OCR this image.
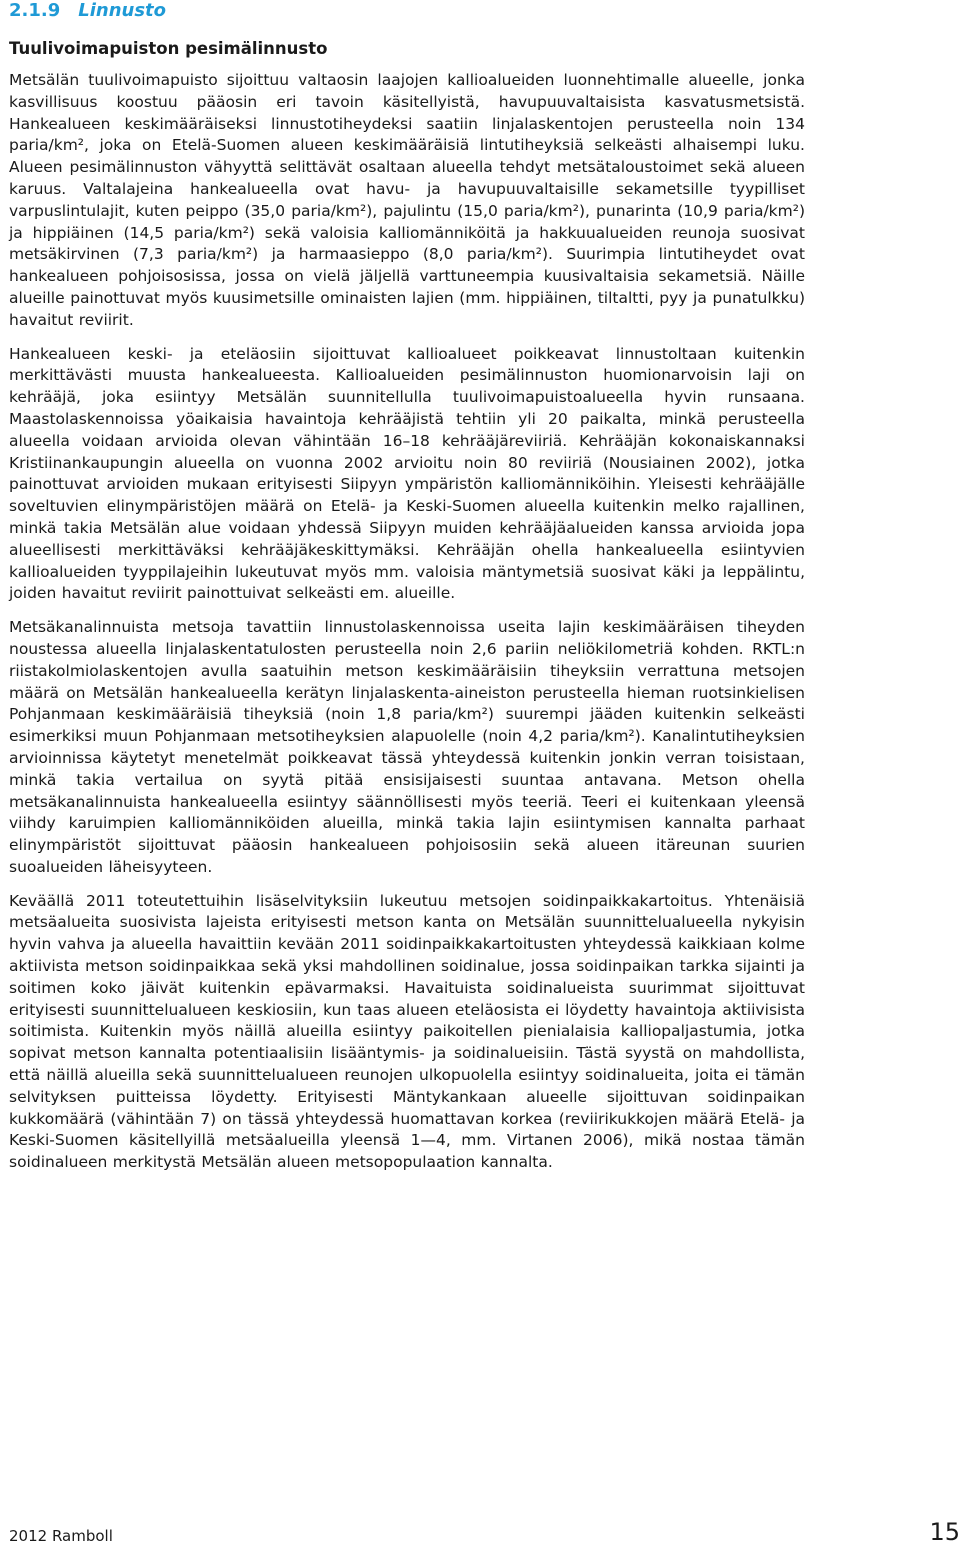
2.1.9 Linnusto
Tuulivoimapuiston pesimälinnusto

Metsälän tuulivoimapuisto sijoittuu valtaosin laajojen kallioalueiden luonnehtimalle alueelle, jonka kasvillisuus koostuu pääosin eri tavoin käsitellyistä, havupuuvaltaisista kasvatusmetsistä. Hankealueen keskimääräiseksi linnustotiheydeksi saatiin linjalaskentojen perusteella noin 134 paria/km², joka on Etelä-Suomen alueen keskimääräisiä lintutiheyksiä selkeästi alhaisempi luku. Alueen pesimälinnuston vähyyttä selittävät osaltaan alueella tehdyt metsätaloustoimet sekä alueen karuus. Valtalajeina hankealueella ovat havu- ja havupuuvaltaisille sekametsille tyypilliset varpuslintulajit, kuten peippo (35,0 paria/km²), pajulintu (15,0 paria/km²), punarinta (10,9 paria/km²) ja hippiäinen (14,5 paria/km²) sekä valoisia kalliomänniköitä ja hakkuualueiden reunoja suosivat metsäkirvinen (7,3 paria/km²) ja harmaasieppo (8,0 paria/km²). Suurimpia lintutiheydet ovat hankealueen pohjoisosissa, jossa on vielä jäljellä varttuneempia kuusivaltaisia sekametsiä. Näille alueille painottuvat myös kuusimetsille ominaisten lajien (mm. hippiäinen, tiltaltti, pyy ja punatulkku) havaitut reviirit.

Hankealueen keski- ja eteläosiin sijoittuvat kallioalueet poikkeavat linnustoltaan kuitenkin merkittävästi muusta hankealueesta. Kallioalueiden pesimälinnuston huomionarvoisin laji on kehrääjä, joka esiintyy Metsälän suunnitellulla tuulivoimapuistoalueella hyvin runsaana. Maastolaskennoissa yöaikaisia havaintoja kehrääjistä tehtiin yli 20 paikalta, minkä perusteella alueella voidaan arvioida olevan vähintään 16–18 kehrääjäreviiriä. Kehrääjän kokonaiskannaksi Kristiinankaupungin alueella on vuonna 2002 arvioitu noin 80 reviiriä (Nousiainen 2002), jotka painottuvat arvioiden mukaan erityisesti Siipyyn ympäristön kalliomänniköihin. Yleisesti kehrääjälle soveltuvien elinympäristöjen määrä on Etelä- ja Keski-Suomen alueella kuitenkin melko rajallinen, minkä takia Metsälän alue voidaan yhdessä Siipyyn muiden kehrääjäalueiden kanssa arvioida jopa alueellisesti merkittäväksi kehrääjäkeskittymäksi. Kehrääjän ohella hankealueella esiintyvien kallioalueiden tyyppilajeihin lukeutuvat myös mm. valoisia mäntymetsiä suosivat käki ja leppälintu, joiden havaitut reviirit painottuivat selkeästi em. alueille.

Metsäkanalinnuista metsoja tavattiin linnustolaskennoissa useita lajin keskimääräisen tiheyden noustessa alueella linjalaskentatulosten perusteella noin 2,6 pariin neliökilometriä kohden. RKTL:n riistakolmiolaskentojen avulla saatuihin metson keskimääräisiin tiheyksiin verrattuna metsojen määrä on Metsälän hankealueella kerätyn linjalaskenta-aineiston perusteella hieman ruotsinkielisen Pohjanmaan keskimääräisiä tiheyksiä (noin 1,8 paria/km²) suurempi jääden kuitenkin selkeästi esimerkiksi muun Pohjanmaan metsotiheyksien alapuolelle (noin 4,2 paria/km²). Kanalintutiheyksien arvioinnissa käytetyt menetelmät poikkeavat tässä yhteydessä kuitenkin jonkin verran toisistaan, minkä takia vertailua on syytä pitää ensisijaisesti suuntaa antavana. Metson ohella metsäkanalinnuista hankealueella esiintyy säännöllisesti myös teeriä. Teeri ei kuitenkaan yleensä viihdy karuimpien kalliomänniköiden alueilla, minkä takia lajin esiintymisen kannalta parhaat elinympäristöt sijoittuvat pääosin hankealueen pohjoisosiin sekä alueen itäreunan suurien suoalueiden läheisyyteen.

Keväällä 2011 toteutettuihin lisäselvityksiin lukeutuu metsojen soidinpaikkakartoitus. Yhtenäisiä metsäalueita suosivista lajeista erityisesti metson kanta on Metsälän suunnittelualueella nykyisin hyvin vahva ja alueella havaittiin kevään 2011 soidinpaikkakartoitusten yhteydessä kaikkiaan kolme aktiivista metson soidinpaikkaa sekä yksi mahdollinen soidinalue, jossa soidinpaikan tarkka sijainti ja soitimen koko jäivät kuitenkin epävarmaksi. Havaituista soidinalueista suurimmat sijoittuvat erityisesti suunnittelualueen keskiosiin, kun taas alueen eteläosista ei löydetty havaintoja aktiivisista soitimista. Kuitenkin myös näillä alueilla esiintyy paikoitellen pienialaisia kalliopaljastumia, jotka sopivat metson kannalta potentiaalisiin lisääntymis- ja soidinalueisiin. Tästä syystä on mahdollista, että näillä alueilla sekä suunnittelualueen reunojen ulkopuolella esiintyy soidinalueita, joita ei tämän selvityksen puitteissa löydetty. Erityisesti Mäntykankaan alueelle sijoittuvan soidinpaikan kukkomäärä (vähintään 7) on tässä yhteydessä huomattavan korkea (reviirikukkojen määrä Etelä- ja Keski-Suomen käsitellyillä metsäalueilla yleensä 1—4, mm. Virtanen 2006), mikä nostaa tämän soidinalueen merkitystä Metsälän alueen metsopopulaation kannalta.

2012 Ramboll	15
